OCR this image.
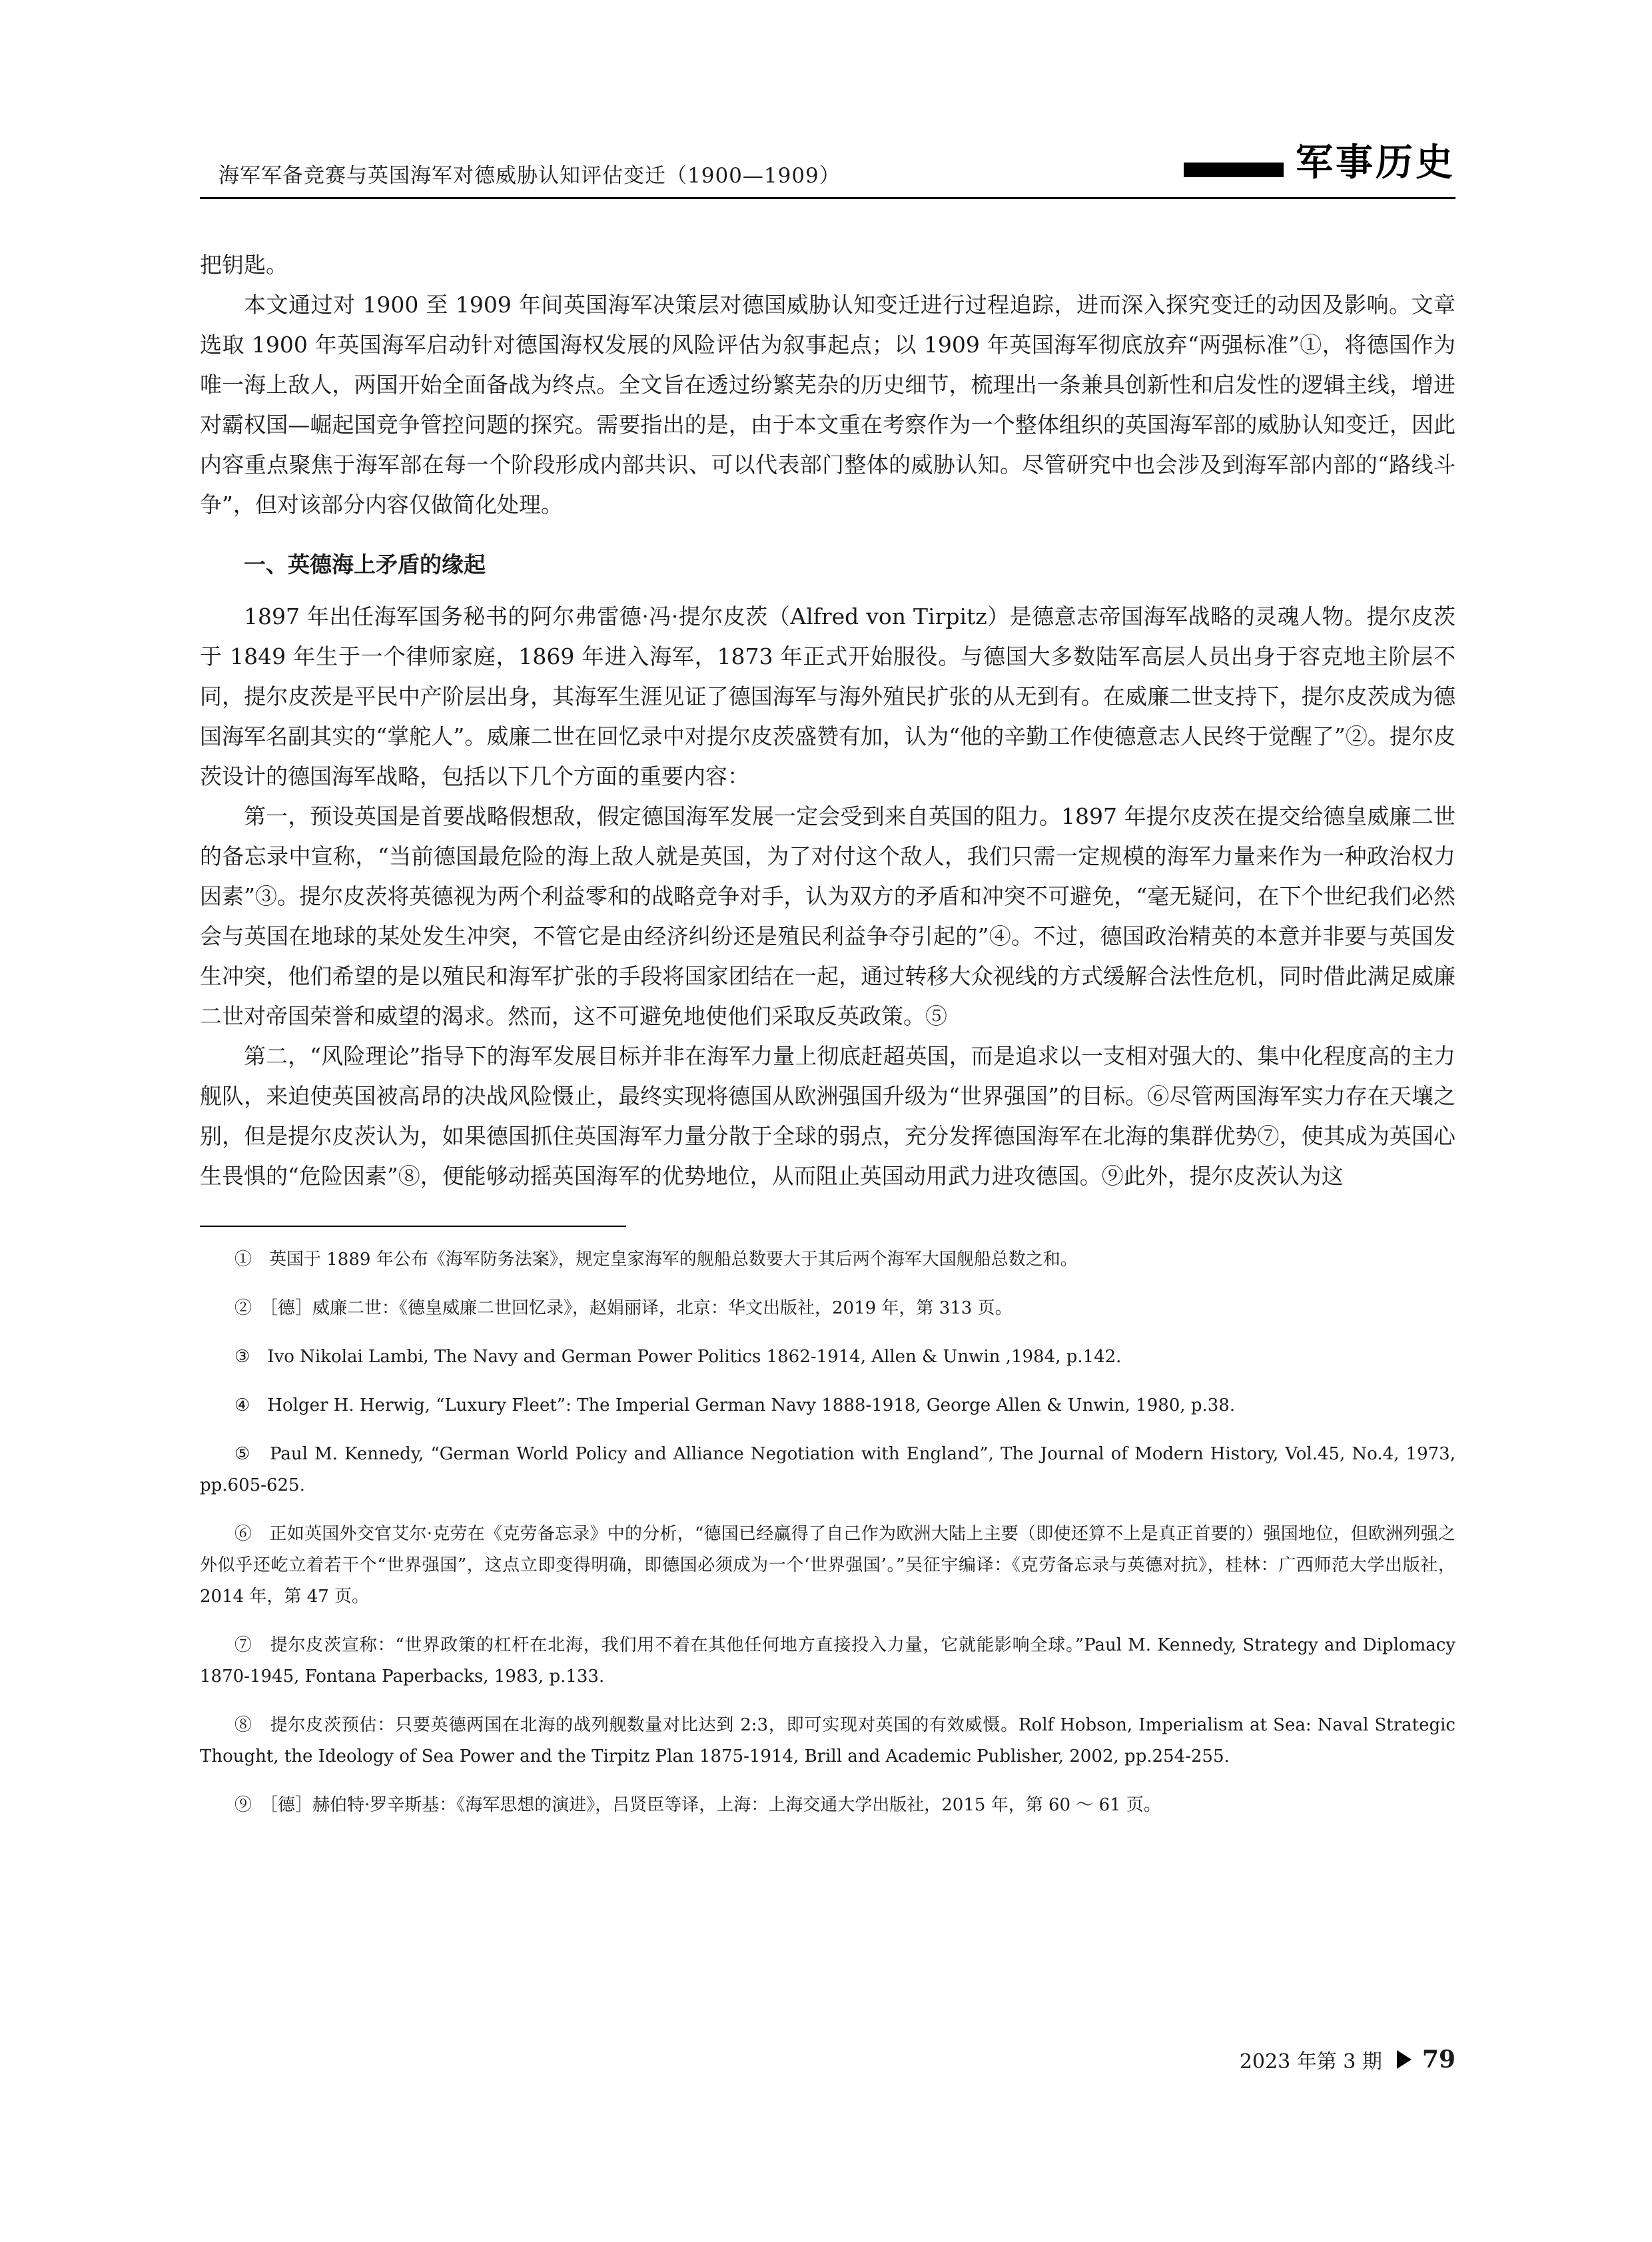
海军军备竞赛与英国海军对德威胁认知评估变迁（1900—1909）	军事历史

把钥匙。

本文通过对 1900 至 1909 年间英国海军决策层对德国威胁认知变迁进行过程追踪，进而深入探究变迁的动因及影响。文章选取 1900 年英国海军启动针对德国海权发展的风险评估为叙事起点；以 1909 年英国海军彻底放弃“两强标准”①，将德国作为唯一海上敌人，两国开始全面备战为终点。全文旨在透过纷繁芜杂的历史细节，梳理出一条兼具创新性和启发性的逻辑主线，增进对霸权国—崛起国竞争管控问题的探究。需要指出的是，由于本文重在考察作为一个整体组织的英国海军部的威胁认知变迁，因此内容重点聚焦于海军部在每一个阶段形成内部共识、可以代表部门整体的威胁认知。尽管研究中也会涉及到海军部内部的“路线斗争”，但对该部分内容仅做简化处理。

一、英德海上矛盾的缘起

1897 年出任海军国务秘书的阿尔弗雷德·冯·提尔皮茨（Alfred von Tirpitz）是德意志帝国海军战略的灵魂人物。提尔皮茨于 1849 年生于一个律师家庭，1869 年进入海军，1873 年正式开始服役。与德国大多数陆军高层人员出身于容克地主阶层不同，提尔皮茨是平民中产阶层出身，其海军生涯见证了德国海军与海外殖民扩张的从无到有。在威廉二世支持下，提尔皮茨成为德国海军名副其实的“掌舵人”。威廉二世在回忆录中对提尔皮茨盛赞有加，认为“他的辛勤工作使德意志人民终于觉醒了”②。提尔皮茨设计的德国海军战略，包括以下几个方面的重要内容：

第一，预设英国是首要战略假想敌，假定德国海军发展一定会受到来自英国的阻力。1897 年提尔皮茨在提交给德皇威廉二世的备忘录中宣称，“当前德国最危险的海上敌人就是英国，为了对付这个敌人，我们只需一定规模的海军力量来作为一种政治权力因素”③。提尔皮茨将英德视为两个利益零和的战略竞争对手，认为双方的矛盾和冲突不可避免，“毫无疑问，在下个世纪我们必然会与英国在地球的某处发生冲突，不管它是由经济纠纷还是殖民利益争夺引起的”④。不过，德国政治精英的本意并非要与英国发生冲突，他们希望的是以殖民和海军扩张的手段将国家团结在一起，通过转移大众视线的方式缓解合法性危机，同时借此满足威廉二世对帝国荣誉和威望的渴求。然而，这不可避免地使他们采取反英政策。⑤

第二，“风险理论”指导下的海军发展目标并非在海军力量上彻底赶超英国，而是追求以一支相对强大的、集中化程度高的主力舰队，来迫使英国被高昂的决战风险慑止，最终实现将德国从欧洲强国升级为“世界强国”的目标。⑥尽管两国海军实力存在天壤之别，但是提尔皮茨认为，如果德国抓住英国海军力量分散于全球的弱点，充分发挥德国海军在北海的集群优势⑦，使其成为英国心生畏惧的“危险因素”⑧，便能够动摇英国海军的优势地位，从而阻止英国动用武力进攻德国。⑨此外，提尔皮茨认为这

①　英国于 1889 年公布《海军防务法案》，规定皇家海军的舰船总数要大于其后两个海军大国舰船总数之和。

②　［德］威廉二世：《德皇威廉二世回忆录》，赵娟丽译，北京：华文出版社，2019 年，第 313 页。

③　Ivo Nikolai Lambi, The Navy and German Power Politics 1862-1914, Allen & Unwin ,1984, p.142.

④　Holger H. Herwig, “Luxury Fleet”: The Imperial German Navy 1888-1918, George Allen & Unwin, 1980, p.38.

⑤　Paul M. Kennedy, “German World Policy and Alliance Negotiation with England”, The Journal of Modern History, Vol.45, No.4, 1973, pp.605-625.

⑥　正如英国外交官艾尔·克劳在《克劳备忘录》中的分析，“德国已经赢得了自己作为欧洲大陆上主要（即使还算不上是真正首要的）强国地位，但欧洲列强之外似乎还屹立着若干个“世界强国”，这点立即变得明确，即德国必须成为一个‘世界强国’。”吴征宇编译：《克劳备忘录与英德对抗》，桂林：广西师范大学出版社，2014 年，第 47 页。

⑦　提尔皮茨宣称：“世界政策的杠杆在北海，我们用不着在其他任何地方直接投入力量，它就能影响全球。”Paul M. Kennedy, Strategy and Diplomacy 1870-1945, Fontana Paperbacks, 1983, p.133.

⑧　提尔皮茨预估：只要英德两国在北海的战列舰数量对比达到 2:3，即可实现对英国的有效威慑。Rolf Hobson, Imperialism at Sea: Naval Strategic Thought, the Ideology of Sea Power and the Tirpitz Plan 1875-1914, Brill and Academic Publisher, 2002, pp.254-255.

⑨　［德］赫伯特·罗辛斯基：《海军思想的演进》，吕贤臣等译，上海：上海交通大学出版社，2015 年，第 60 ～ 61 页。

2023 年第 3 期 79
